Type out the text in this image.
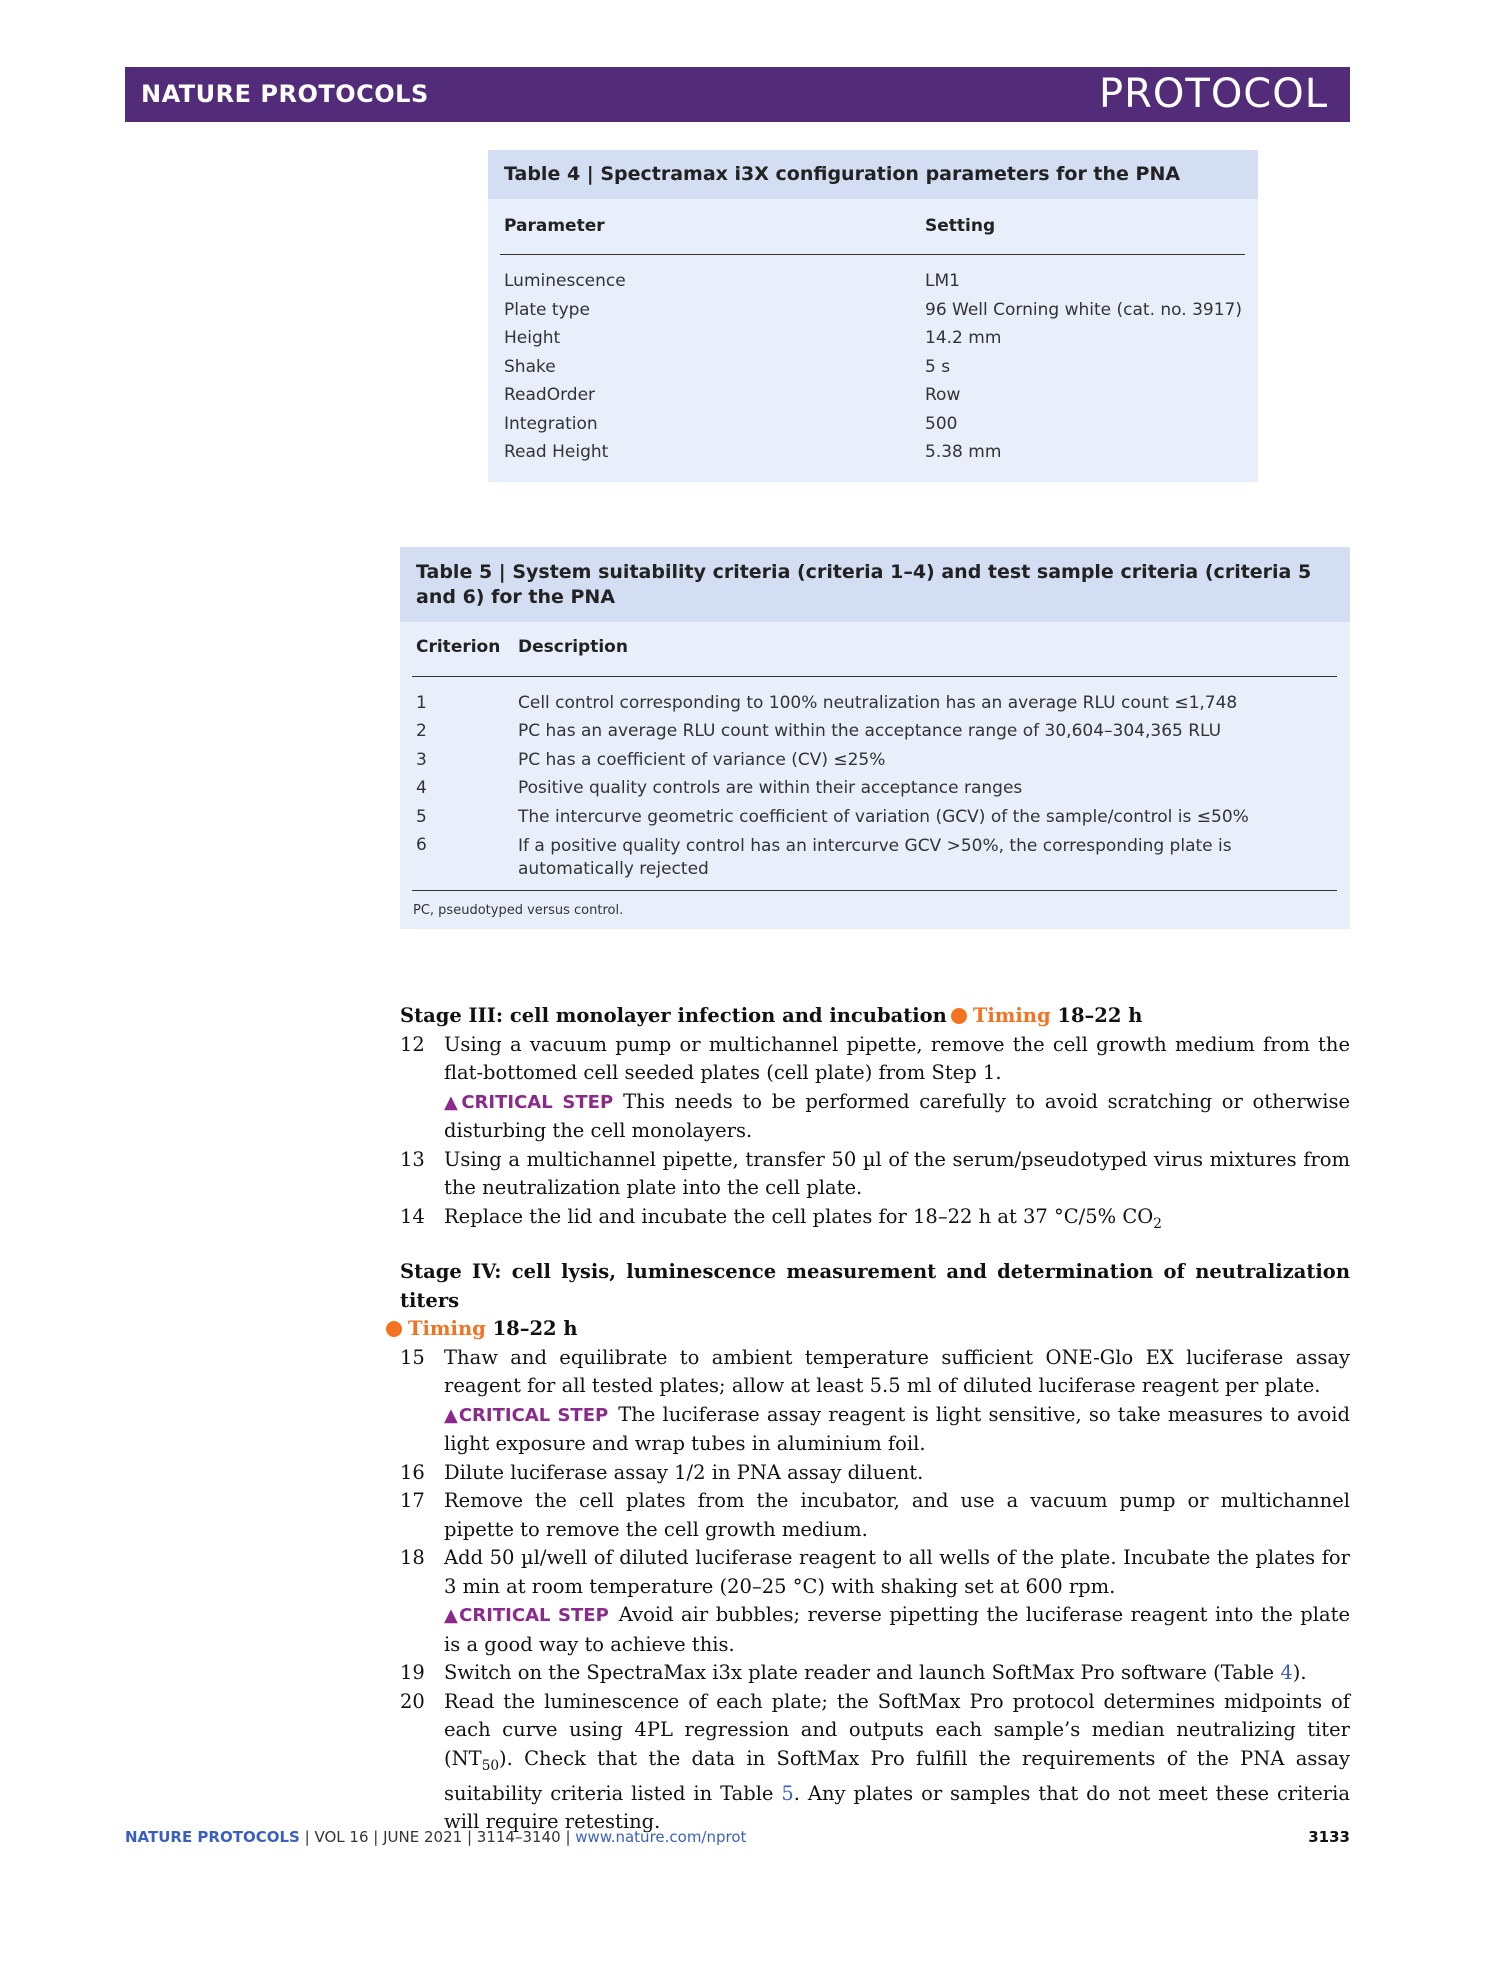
NATURE PROTOCOLS	PROTOCOL
Table 4 | Spectramax i3X configuration parameters for the PNA
Parameter	Setting
Luminescence	LM1
Plate type	96 Well Corning white (cat. no. 3917)
Height	14.2 mm
Shake	5 s
ReadOrder	Row
Integration	500
Read Height	5.38 mm
Table 5 | System suitability criteria (criteria 1–4) and test sample criteria (criteria 5 and 6) for the PNA
Criterion Description
1	Cell control corresponding to 100% neutralization has an average RLU count ≤1,748
2	PC has an average RLU count within the acceptance range of 30,604–304,365 RLU
3	PC has a coefficient of variance (CV) ≤25%
4	Positive quality controls are within their acceptance ranges
5	The intercurve geometric coefficient of variation (GCV) of the sample/control is ≤50%
6	If a positive quality control has an intercurve GCV >50%, the corresponding plate is automatically rejected
PC, pseudotyped versus control.
Stage III: cell monolayer infection and incubation Timing 18–22 h
12 Using a vacuum pump or multichannel pipette, remove the cell growth medium from the flat-bottomed cell seeded plates (cell plate) from Step 1.
▲CRITICAL STEP This needs to be performed carefully to avoid scratching or otherwise disturbing the cell monolayers.
13 Using a multichannel pipette, transfer 50 µl of the serum/pseudotyped virus mixtures from the neutralization plate into the cell plate.
14 Replace the lid and incubate the cell plates for 18–22 h at 37 °C/5% $CO_2$
Stage IV: cell lysis, luminescence measurement and determination of neutralization titers
Timing 18–22 h
15 Thaw and equilibrate to ambient temperature sufficient ONE-Glo EX luciferase assay reagent for all tested plates; allow at least 5.5 ml of diluted luciferase reagent per plate.
▲CRITICAL STEP The luciferase assay reagent is light sensitive, so take measures to avoid light exposure and wrap tubes in aluminium foil.
16 Dilute luciferase assay 1/2 in PNA assay diluent.
17 Remove the cell plates from the incubator, and use a vacuum pump or multichannel pipette to remove the cell growth medium.
18 Add 50 µl/well of diluted luciferase reagent to all wells of the plate. Incubate the plates for 3 min at room temperature (20–25 °C) with shaking set at 600 rpm.
▲CRITICAL STEP Avoid air bubbles; reverse pipetting the luciferase reagent into the plate is a good way to achieve this.
19 Switch on the SpectraMax i3x plate reader and launch SoftMax Pro software (Table 4).
20 Read the luminescence of each plate; the SoftMax Pro protocol determines midpoints of each curve using 4PL regression and outputs each sample’s median neutralizing titer $(NT_{50})$. Check that the data in SoftMax Pro fulfill the requirements of the PNA assay suitability criteria listed in Table 5. Any plates or samples that do not meet these criteria will require retesting.
NATURE PROTOCOLS | VOL 16 | JUNE 2021 | 3114–3140 | www.nature.com/nprot	3133
